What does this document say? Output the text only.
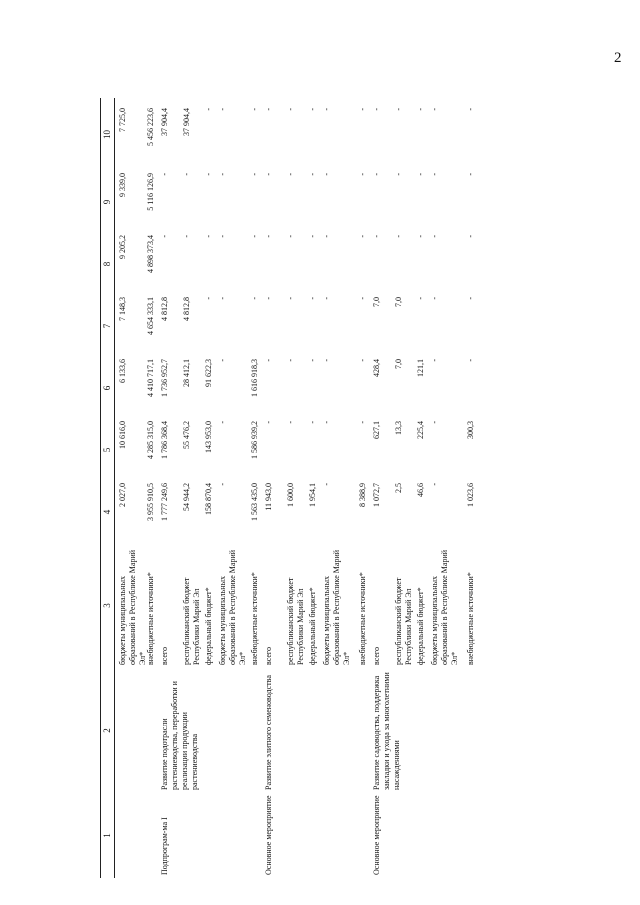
2
1
2
3
4
5
6
7
8
9
10
бюджеты муниципальных образований в Республике Марий Эл*
2 027,0
10 616,0
6 133,6
7 148,3
9 205,2
9 339,0
7 725,0
внебюджетные источники*
3 955 910,5
4 285 315,0
4 410 717,1
4 654 333,1
4 898 373,4
5 116 126,9
5 456 223,6
Подпрограм-ма I
Развитие подотрасли растениеводства, переработки и реализации продукции растениеводства
всего
1 777 249,6
1 786 368,4
1 736 952,7
4 812,8
-
-
37 904,4
республиканский бюджет Республики Марий Эл
54 944,2
55 476,2
28 412,1
4 812,8
-
-
37 904,4
федеральный бюджет*
158 870,4
143 953,0
91 622,3
-
-
-
-
бюджеты муниципальных образований в Республике Марий Эл*
-
-
-
-
-
-
-
внебюджетные источники*
1 563 435,0
1 586 939,2
1 616 918,3
-
-
-
-
Основное мероприятие
Развитие элитного семеноводства
всего
11 943,0
-
-
-
-
-
-
республиканский бюджет Республики Марий Эл
1 600,0
-
-
-
-
-
-
федеральный бюджет*
1 954,1
-
-
-
-
-
-
бюджеты муниципальных образований в Республике Марий Эл*
-
-
-
-
-
-
-
внебюджетные источники*
8 388,9
-
-
-
-
-
-
Основное мероприятие
Развитие садоводства, поддержка закладки и ухода за многолетними насаждениями
всего
1 072,7
627,1
428,4
7,0
-
-
-
республиканский бюджет Республики Марий Эл
2,5
13,3
7,0
7,0
-
-
-
федеральный бюджет*
46,6
225,4
121,1
-
-
-
-
бюджеты муниципальных образований в Республике Марий Эл*
-
-
-
-
-
-
-
внебюджетные источники*
1 023,6
300,3
-
-
-
-
-
